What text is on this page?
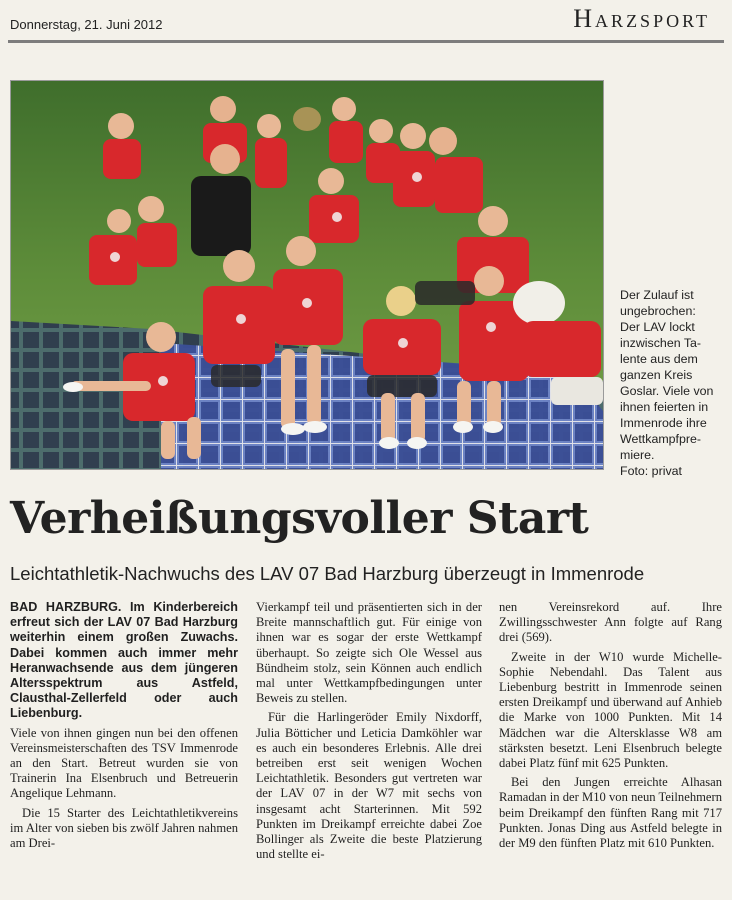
Donnerstag, 21. Juni 2012	Harzsport
Der Zulauf ist
ungebrochen:
Der LAV lockt
inzwischen Ta-
lente aus dem
ganzen Kreis
Goslar. Viele von
ihnen feierten in
Immenrode ihre
Wettkampfpre-
miere.
Foto: privat
Verheißungsvoller Start
Leichtathletik-Nachwuchs des LAV 07 Bad Harzburg überzeugt in Immenrode

BAD HARZBURG. Im Kinderbereich erfreut sich der LAV 07 Bad Harzburg weiterhin einem großen Zuwachs. Dabei kommen auch immer mehr Heranwachsende aus dem jüngeren Altersspektrum aus Astfeld, Clausthal-Zellerfeld oder auch Liebenburg.

Viele von ihnen gingen nun bei den offenen Vereinsmeisterschaften des TSV Immenrode an den Start. Betreut wurden sie von Trainerin Ina Elsenbruch und Betreuerin Angelique Lehmann.

Die 15 Starter des Leichtathletikvereins im Alter von sieben bis zwölf Jahren nahmen am Drei-

Vierkampf teil und präsentierten sich in der Breite mannschaftlich gut. Für einige von ihnen war es sogar der erste Wettkampf überhaupt. So zeigte sich Ole Wessel aus Bündheim stolz, sein Können auch endlich mal unter Wettkampfbedingungen unter Beweis zu stellen.

Für die Harlingeröder Emily Nixdorff, Julia Bötticher und Leticia Damköhler war es auch ein besonderes Erlebnis. Alle drei betreiben erst seit wenigen Wochen Leichtathletik. Besonders gut vertreten war der LAV 07 in der W7 mit sechs von insgesamt acht Starterinnen. Mit 592 Punkten im Dreikampf erreichte dabei Zoe Bollinger als Zweite die beste Platzierung und stellte ei-

nen Vereinsrekord auf. Ihre Zwillingsschwester Ann folgte auf Rang drei (569).

Zweite in der W10 wurde Michelle-Sophie Nebendahl. Das Talent aus Liebenburg bestritt in Immenrode seinen ersten Dreikampf und überwand auf Anhieb die Marke von 1000 Punkten. Mit 14 Mädchen war die Altersklasse W8 am stärksten besetzt. Leni Elsenbruch belegte dabei Platz fünf mit 625 Punkten.

Bei den Jungen erreichte Alhasan Ramadan in der M10 von neun Teilnehmern beim Dreikampf den fünften Rang mit 717 Punkten. Jonas Ding aus Astfeld belegte in der M9 den fünften Platz mit 610 Punkten.
